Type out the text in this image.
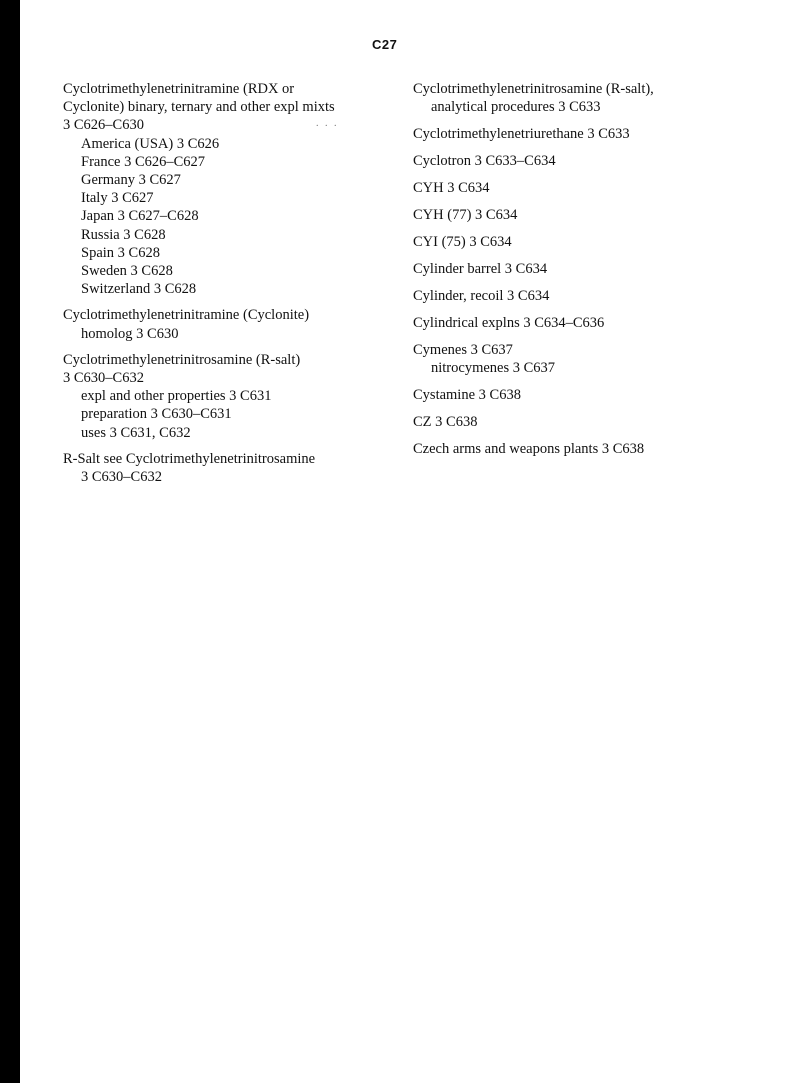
C27
. . .
Cyclotrimethylenetrinitramine (RDX or
Cyclonite) binary, ternary and other expl mixts
3 C626–C630
America (USA) 3 C626
France 3 C626–C627
Germany 3 C627
Italy 3 C627
Japan 3 C627–C628
Russia 3 C628
Spain 3 C628
Sweden 3 C628
Switzerland 3 C628
Cyclotrimethylenetrinitramine (Cyclonite)
homolog 3 C630
Cyclotrimethylenetrinitrosamine (R-salt)
3 C630–C632
expl and other properties 3 C631
preparation 3 C630–C631
uses 3 C631, C632
R-Salt see Cyclotrimethylenetrinitrosamine
3 C630–C632
Cyclotrimethylenetrinitrosamine (R-salt),
analytical procedures 3 C633
Cyclotrimethylenetriurethane 3 C633
Cyclotron 3 C633–C634
CYH 3 C634
CYH (77) 3 C634
CYI (75) 3 C634
Cylinder barrel 3 C634
Cylinder, recoil 3 C634
Cylindrical explns 3 C634–C636
Cymenes 3 C637
nitrocymenes 3 C637
Cystamine 3 C638
CZ 3 C638
Czech arms and weapons plants 3 C638
